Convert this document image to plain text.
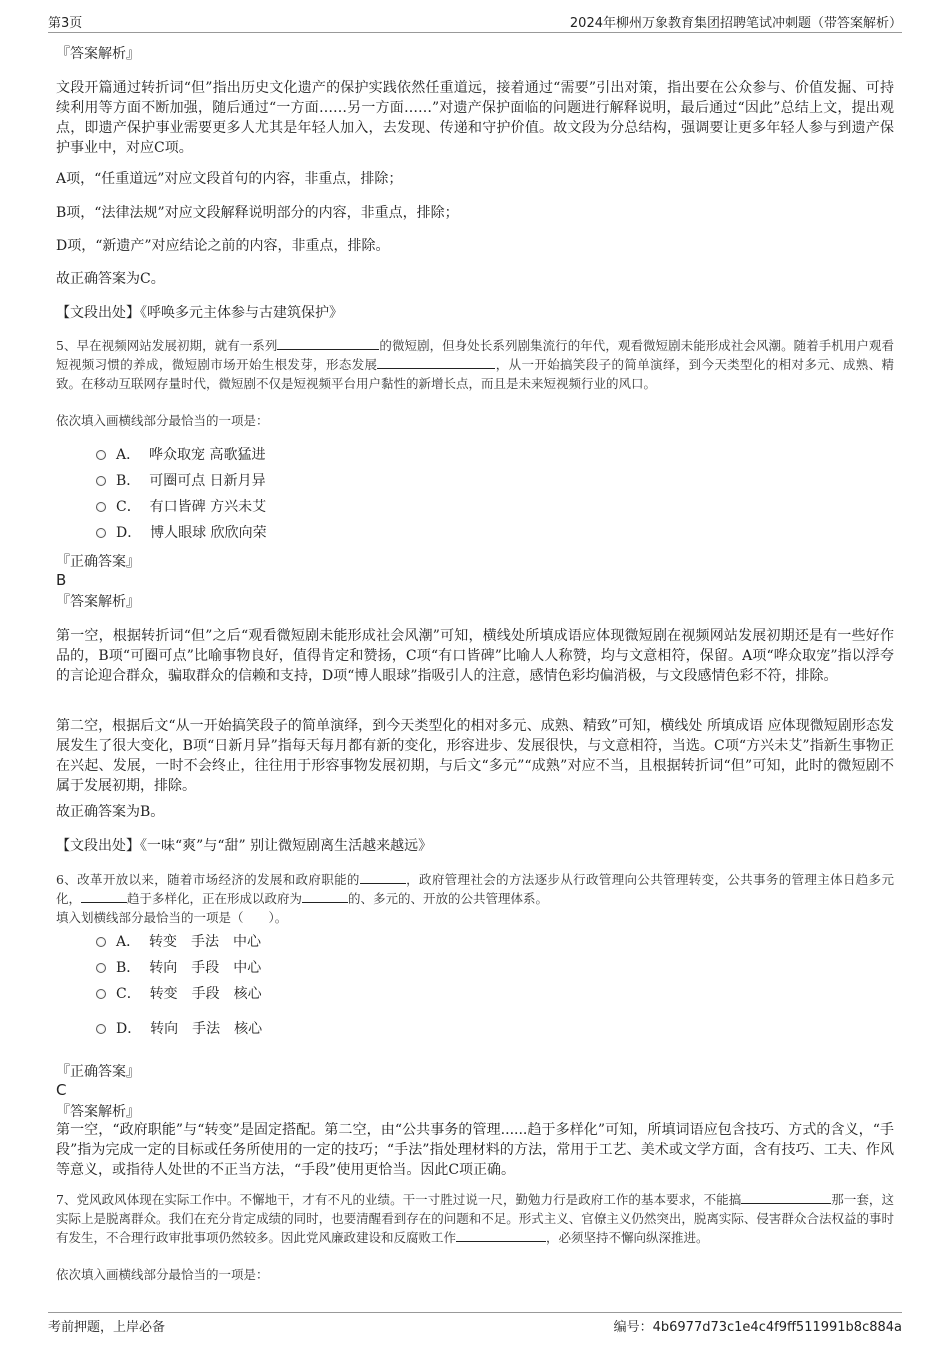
第3页	2024年柳州万象教育集团招聘笔试冲刺题（带答案解析）
『答案解析』

文段开篇通过转折词“但”指出历史文化遗产的保护实践依然任重道远，接着通过“需要”引出对策，指出要在公众参与、价值发掘、可持续利用等方面不断加强，随后通过“一方面……另一方面……”对遗产保护面临的问题进行解释说明，最后通过“因此”总结上文，提出观点，即遗产保护事业需要更多人尤其是年轻人加入，去发现、传递和守护价值。故文段为分总结构，强调要让更多年轻人参与到遗产保护事业中，对应C项。

A项，“任重道远”对应文段首句的内容，非重点，排除；

B项，“法律法规”对应文段解释说明部分的内容，非重点，排除；

D项，“新遗产”对应结论之前的内容，非重点，排除。

故正确答案为C。

【文段出处】《呼唤多元主体参与古建筑保护》

5、早在视频网站发展初期，就有一系列	的微短剧，但身处长系列剧集流行的年代，观看微短剧未能形成社会风潮。随着手机用户观看短视频习惯的养成，微短剧市场开始生根发芽，形态发展	，从一开始搞笑段子的简单演绎，到今天类型化的相对多元、成熟、精致。在移动互联网存量时代，微短剧不仅是短视频平台用户黏性的新增长点，而且是未来短视频行业的风口。

依次填入画横线部分最恰当的一项是：

A． 哗众取宠 高歌猛进
B． 可圈可点 日新月异
C． 有口皆碑 方兴未艾
D． 博人眼球 欣欣向荣
『正确答案』
B
『答案解析』

第一空，根据转折词“但”之后“观看微短剧未能形成社会风潮”可知，横线处所填成语应体现微短剧在视频网站发展初期还是有一些好作品的，B项“可圈可点”比喻事物良好，值得肯定和赞扬，C项“有口皆碑”比喻人人称赞，均与文意相符，保留。A项“哗众取宠”指以浮夸的言论迎合群众，骗取群众的信赖和支持，D项“博人眼球”指吸引人的注意，感情色彩均偏消极，与文段感情色彩不符，排除。

第二空，根据后文“从一开始搞笑段子的简单演绎，到今天类型化的相对多元、成熟、精致”可知，横线处 所填成语 应体现微短剧形态发展发生了很大变化，B项“日新月异”指每天每月都有新的变化，形容进步、发展很快，与文意相符，当选。C项“方兴未艾”指新生事物正在兴起、发展，一时不会终止，往往用于形容事物发展初期，与后文“多元”“成熟”对应不当，且根据转折词“但”可知，此时的微短剧不属于发展初期，排除。

故正确答案为B。

【文段出处】《一味“爽”与“甜” 别让微短剧离生活越来越远》

6、改革开放以来，随着市场经济的发展和政府职能的	，政府管理社会的方法逐步从行政管理向公共管理转变，公共事务的管理主体日趋多元化，	趋于多样化，正在形成以政府为	的、多元的、开放的公共管理体系。

填入划横线部分最恰当的一项是（　　）。

A． 转变　手法　中心
B． 转向　手段　中心
C． 转变　手段　核心
D． 转向　手法　核心
『正确答案』
C
『答案解析』

第一空，“政府职能”与“转变”是固定搭配。第二空，由“公共事务的管理......趋于多样化”可知，所填词语应包含技巧、方式的含义，“手段”指为完成一定的目标或任务所使用的一定的技巧；“手法”指处理材料的方法，常用于工艺、美术或文学方面，含有技巧、工夫、作风等意义，或指待人处世的不正当方法，“手段”使用更恰当。因此C项正确。

7、党风政风体现在实际工作中。不懈地干，才有不凡的业绩。干一寸胜过说一尺，勤勉力行是政府工作的基本要求，不能搞	那一套，这实际上是脱离群众。我们在充分肯定成绩的同时，也要清醒看到存在的问题和不足。形式主义、官僚主义仍然突出，脱离实际、侵害群众合法权益的事时有发生，不合理行政审批事项仍然较多。因此党风廉政建设和反腐败工作	，必须坚持不懈向纵深推进。

依次填入画横线部分最恰当的一项是：

考前押题，上岸必备	编号：4b6977d73c1e4c4f9ff511991b8c884a
